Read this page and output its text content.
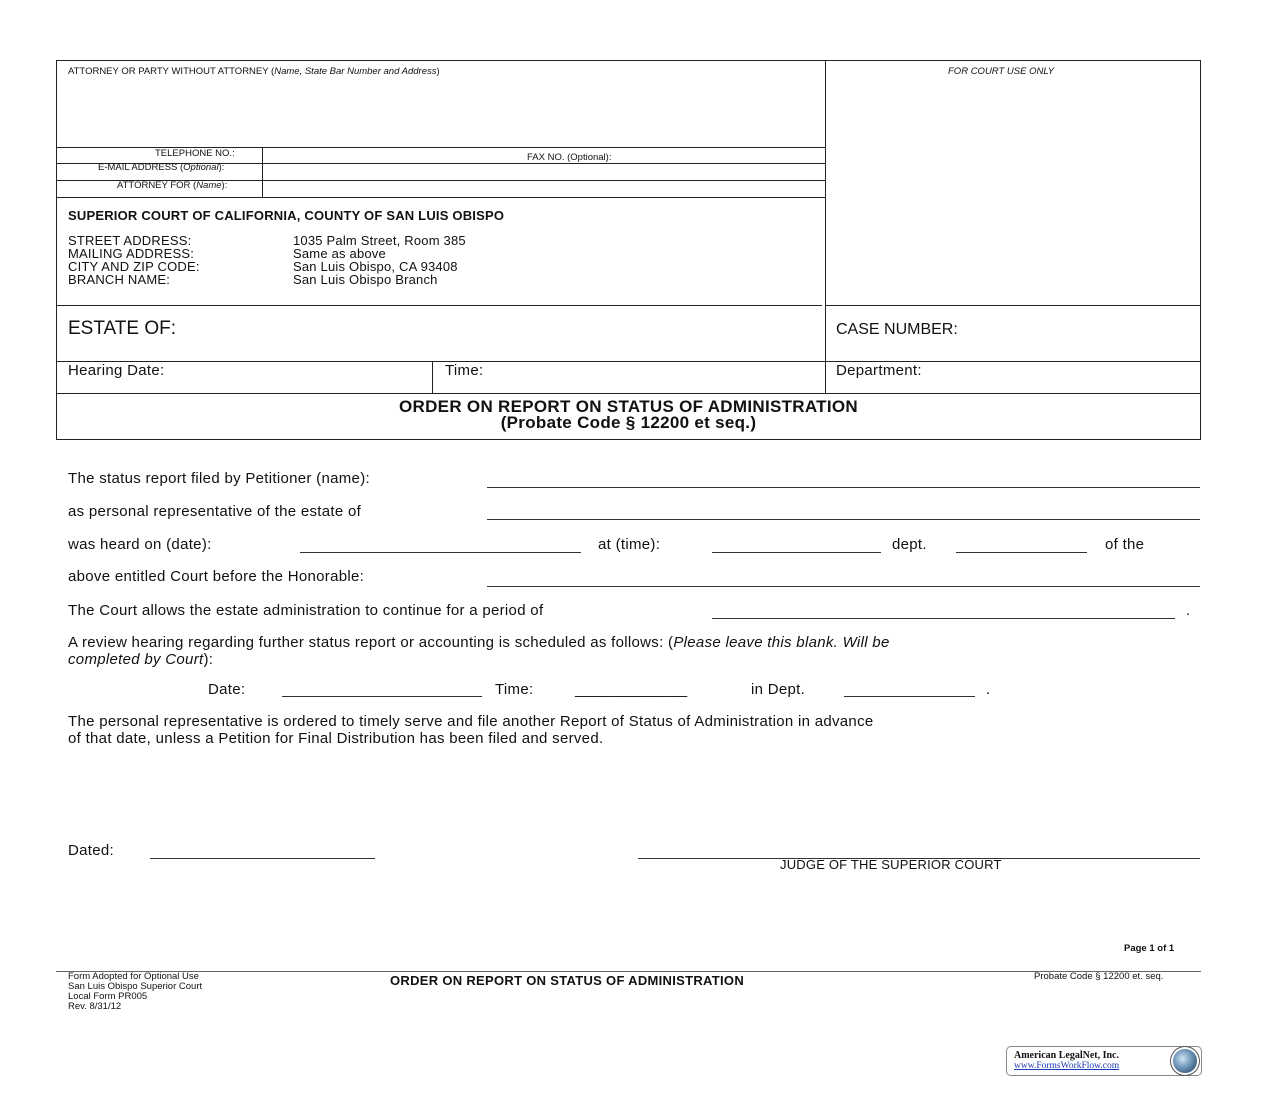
ATTORNEY OR PARTY WITHOUT ATTORNEY (Name, State Bar Number and Address)	FOR COURT USE ONLY
TELEPHONE NO.:	FAX NO. (Optional):
E-MAIL ADDRESS (Optional):
ATTORNEY FOR (Name):
SUPERIOR COURT OF CALIFORNIA, COUNTY OF SAN LUIS OBISPO
STREET ADDRESS:	1035 Palm Street, Room 385
MAILING ADDRESS:	Same as above
CITY AND ZIP CODE:	San Luis Obispo, CA 93408
BRANCH NAME:	San Luis Obispo Branch
ESTATE OF:	CASE NUMBER:
Hearing Date:	Time:	Department:
ORDER ON REPORT ON STATUS OF ADMINISTRATION
(Probate Code § 12200 et seq.)
The status report filed by Petitioner (name):
as personal representative of the estate of
was heard on (date):	at (time):	dept.	of the
above entitled Court before the Honorable:
The Court allows the estate administration to continue for a period of	.
A review hearing regarding further status report or accounting is scheduled as follows: (Please leave this blank. Will be
completed by Court):
Date:	Time:	_____________	in Dept.	.
The personal representative is ordered to timely serve and file another Report of Status of Administration in advance
of that date, unless a Petition for Final Distribution has been filed and served.
Dated:
JUDGE OF THE SUPERIOR COURT
Page 1 of 1
Form Adopted for Optional Use
San Luis Obispo Superior Court
Local Form PR005
Rev. 8/31/12
ORDER ON REPORT ON STATUS OF ADMINISTRATION	Probate Code § 12200 et. seq.
American LegalNet, Inc.
www.FormsWorkFlow.com
